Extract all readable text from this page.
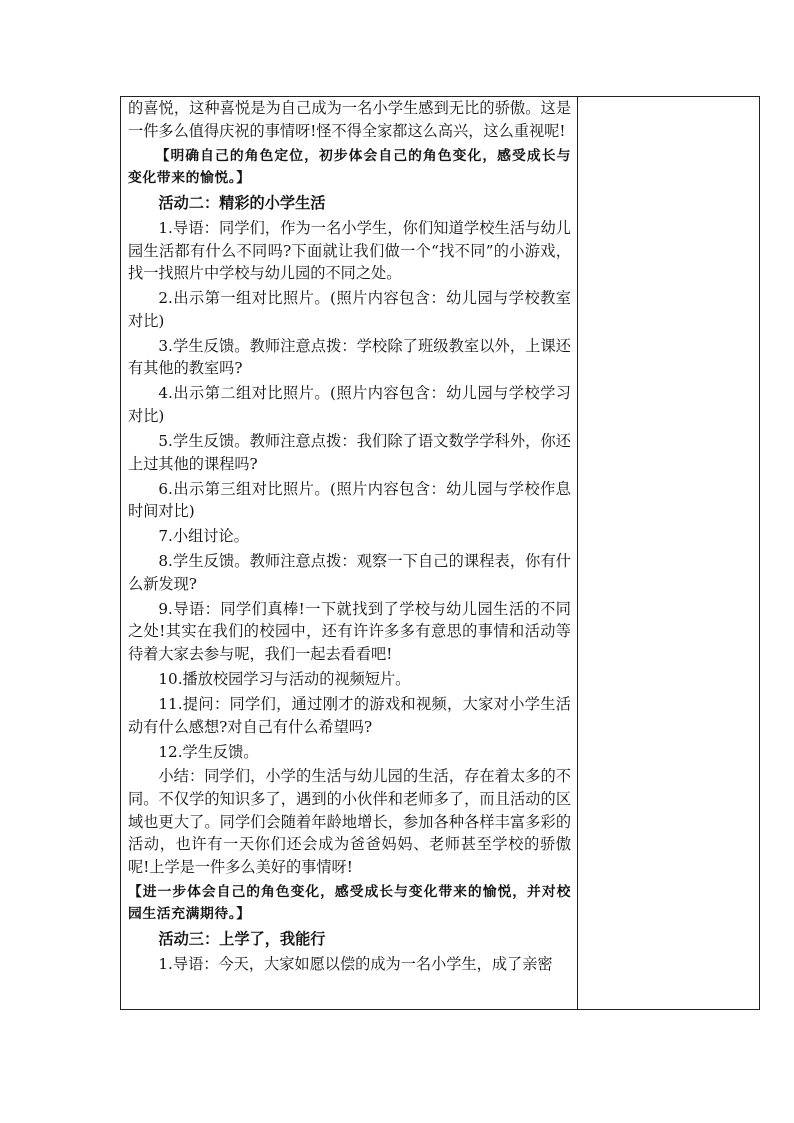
的喜悦，这种喜悦是为自己成为一名小学生感到无比的骄傲。这是一件多么值得庆祝的事情呀!怪不得全家都这么高兴，这么重视呢!

【明确自己的角色定位，初步体会自己的角色变化，感受成长与变化带来的愉悦。】

活动二：精彩的小学生活

1.导语：同学们，作为一名小学生，你们知道学校生活与幼儿园生活都有什么不同吗?下面就让我们做一个“找不同”的小游戏，找一找照片中学校与幼儿园的不同之处。

2.出示第一组对比照片。(照片内容包含：幼儿园与学校教室对比)

3.学生反馈。教师注意点拨：学校除了班级教室以外，上课还有其他的教室吗?

4.出示第二组对比照片。(照片内容包含：幼儿园与学校学习对比)

5.学生反馈。教师注意点拨：我们除了语文数学学科外，你还上过其他的课程吗?

6.出示第三组对比照片。(照片内容包含：幼儿园与学校作息时间对比)

7.小组讨论。

8.学生反馈。教师注意点拨：观察一下自己的课程表，你有什么新发现?

9.导语：同学们真棒!一下就找到了学校与幼儿园生活的不同之处!其实在我们的校园中，还有许许多多有意思的事情和活动等待着大家去参与呢，我们一起去看看吧!

10.播放校园学习与活动的视频短片。

11.提问：同学们，通过刚才的游戏和视频，大家对小学生活动有什么感想?对自己有什么希望吗?

12.学生反馈。

小结：同学们，小学的生活与幼儿园的生活，存在着太多的不同。不仅学的知识多了，遇到的小伙伴和老师多了，而且活动的区域也更大了。同学们会随着年龄地增长，参加各种各样丰富多彩的活动，也许有一天你们还会成为爸爸妈妈、老师甚至学校的骄傲呢!上学是一件多么美好的事情呀!

【进一步体会自己的角色变化，感受成长与变化带来的愉悦，并对校园生活充满期待。】

活动三：上学了，我能行

1.导语：今天，大家如愿以偿的成为一名小学生，成了亲密
